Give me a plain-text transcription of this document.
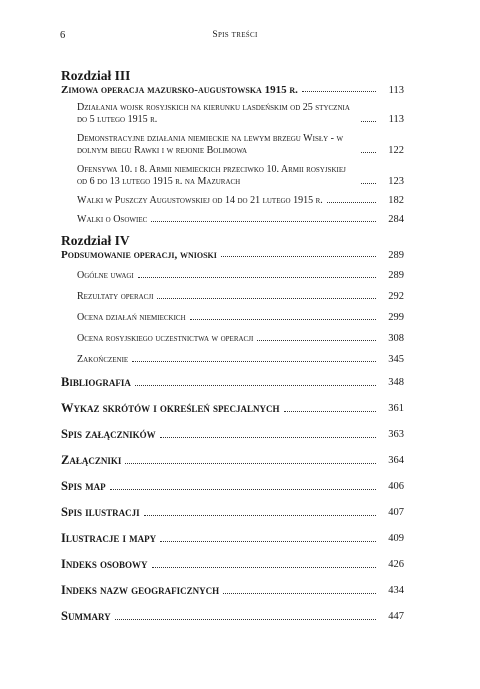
6	Spis treści
Rozdział III
Zimowa operacja mazursko-augustowska 1915 r.	113
Działania wojsk rosyjskich na kierunku lasdeńskim od 25 stycznia do 5 lutego 1915 r.	113
Demonstracyjne działania niemieckie na lewym brzegu Wisły - w dolnym biegu Rawki i w rejonie Bolimowa	122
Ofensywa 10. i 8. Armii niemieckich przeciwko 10. Armii rosyjskiej od 6 do 13 lutego 1915 r. na Mazurach	123
Walki w Puszczy Augustowskiej od 14 do 21 lutego 1915 r.	182
Walki o Osowiec	284
Rozdział IV
Podsumowanie operacji, wnioski	289
Ogólne uwagi	289
Rezultaty operacji	292
Ocena działań niemieckich	299
Ocena rosyjskiego uczestnictwa w operacji	308
Zakończenie	345
Bibliografia	348
Wykaz skrótów i określeń specjalnych	361
Spis załączników	363
Załączniki	364
Spis map	406
Spis ilustracji	407
Ilustracje i mapy	409
Indeks osobowy	426
Indeks nazw geograficznych	434
Summary	447
